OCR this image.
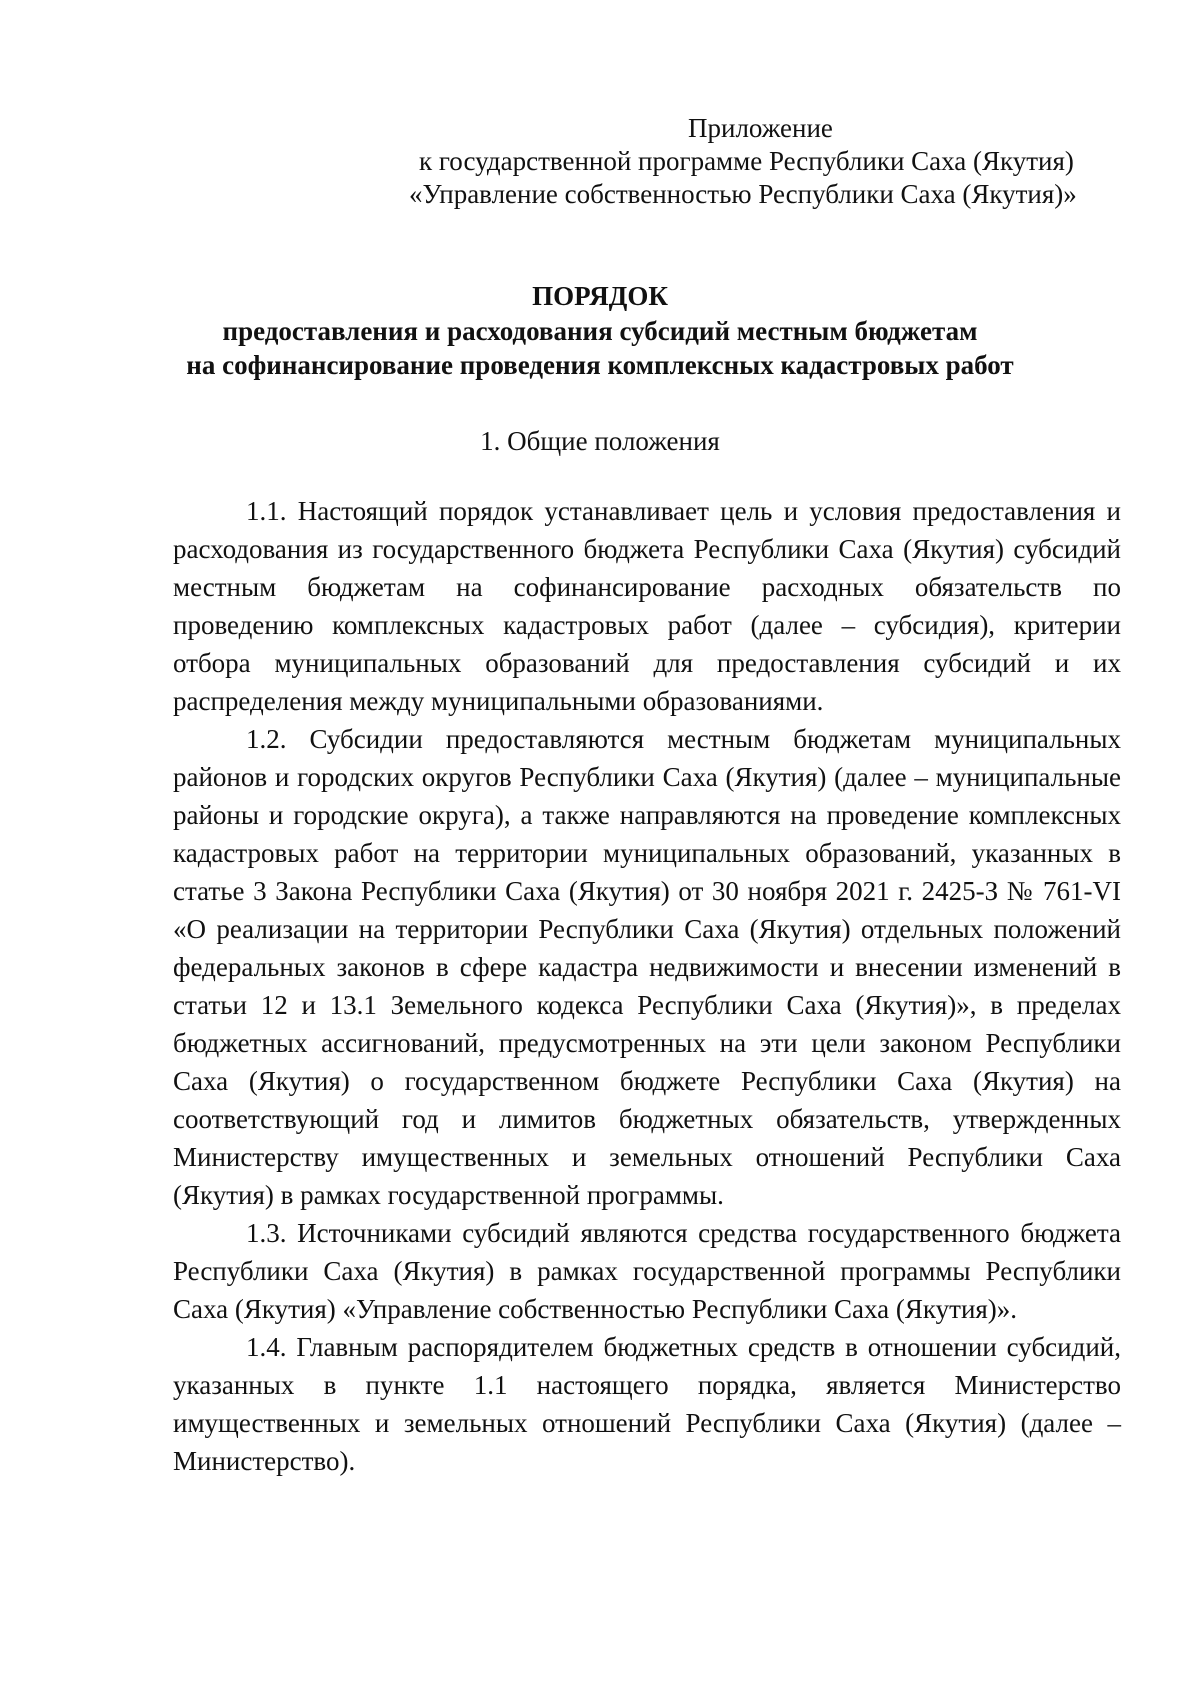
Приложение
к государственной программе Республики Саха (Якутия)
«Управление собственностью Республики Саха (Якутия)»
ПОРЯДОК
предоставления и расходования субсидий местным бюджетам
на софинансирование проведения комплексных кадастровых работ
1. Общие положения

1.1. Настоящий порядок устанавливает цель и условия предоставления и расходования из государственного бюджета Республики Саха (Якутия) субсидий местным бюджетам на софинансирование расходных обязательств по проведению комплексных кадастровых работ (далее – субсидия), критерии отбора муниципальных образований для предоставления субсидий и их распределения между муниципальными образованиями.

1.2. Субсидии предоставляются местным бюджетам муниципальных районов и городских округов Республики Саха (Якутия) (далее – муниципальные районы и городские округа), а также направляются на проведение комплексных кадастровых работ на территории муниципальных образований, указанных в статье 3 Закона Республики Саха (Якутия) от 30 ноября 2021 г. 2425-З № 761-VI «О реализации на территории Республики Саха (Якутия) отдельных положений федеральных законов в сфере кадастра недвижимости и внесении изменений в статьи 12 и 13.1 Земельного кодекса Республики Саха (Якутия)», в пределах бюджетных ассигнований, предусмотренных на эти цели законом Республики Саха (Якутия) о государственном бюджете Республики Саха (Якутия) на соответствующий год и лимитов бюджетных обязательств, утвержденных Министерству имущественных и земельных отношений Республики Саха (Якутия) в рамках государственной программы.

1.3. Источниками субсидий являются средства государственного бюджета Республики Саха (Якутия) в рамках государственной программы Республики Саха (Якутия) «Управление собственностью Республики Саха (Якутия)».

1.4. Главным распорядителем бюджетных средств в отношении субсидий, указанных в пункте 1.1 настоящего порядка, является Министерство имущественных и земельных отношений Республики Саха (Якутия) (далее – Министерство).
